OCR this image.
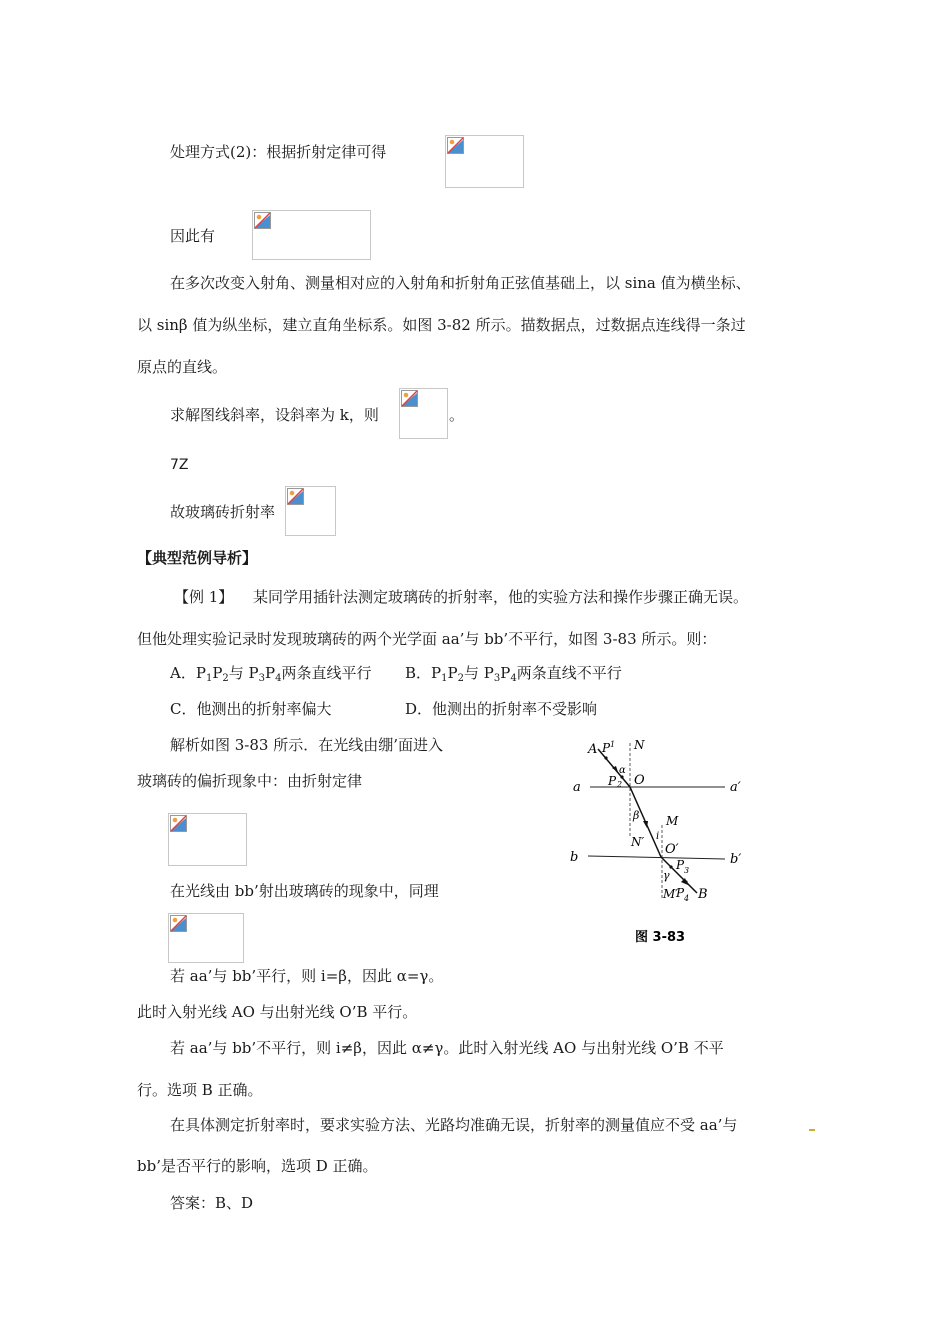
处理方式(2)：根据折射定律可得
因此有
在多次改变入射角、测量相对应的入射角和折射角正弦值基础上，以 sina 值为横坐标、
以 sinβ 值为纵坐标，建立直角坐标系。如图 3-82 所示。描数据点，过数据点连线得一条过
原点的直线。
求解图线斜率，设斜率为 k，则	。
7Z
故玻璃砖折射率
【典型范例导析】
【例 1】 某同学用插针法测定玻璃砖的折射率，他的实验方法和操作步骤正确无误。
但他处理实验记录时发现玻璃砖的两个光学面 aa’与 bb’不平行，如图 3-83 所示。则：
A．$P_1P_2$与 $P_3P_4$两条直线平行 B．$P_1P_2$与 $P_3P_4$两条直线不平行
C．他测出的折射率偏大	D．他测出的折射率不受影响
解析如图 3-83 所示．在光线由绷’面进入
玻璃砖的偏折现象中：由折射定律
在光线由 bb’射出玻璃砖的现象中，同理
若 aa’与 bb’平行，则 i=β，因此 α=γ。
此时入射光线 AO 与出射光线 O’B 平行。
若 aa’与 bb’不平行，则 i≠β，因此 α≠γ。此时入射光线 AO 与出射光线 O’B 不平
行。选项 B 正确。
在具体测定折射率时，要求实验方法、光路均准确无误，折射率的测量值应不受 aa’与
bb’是否平行的影响，选项 D 正确。
答案：B、D
A P 1 N
α
a	a′
P 2 O
β M
i
N′ O′
b	b′
P 3
γ
M′
P 4 B
图 3-83
